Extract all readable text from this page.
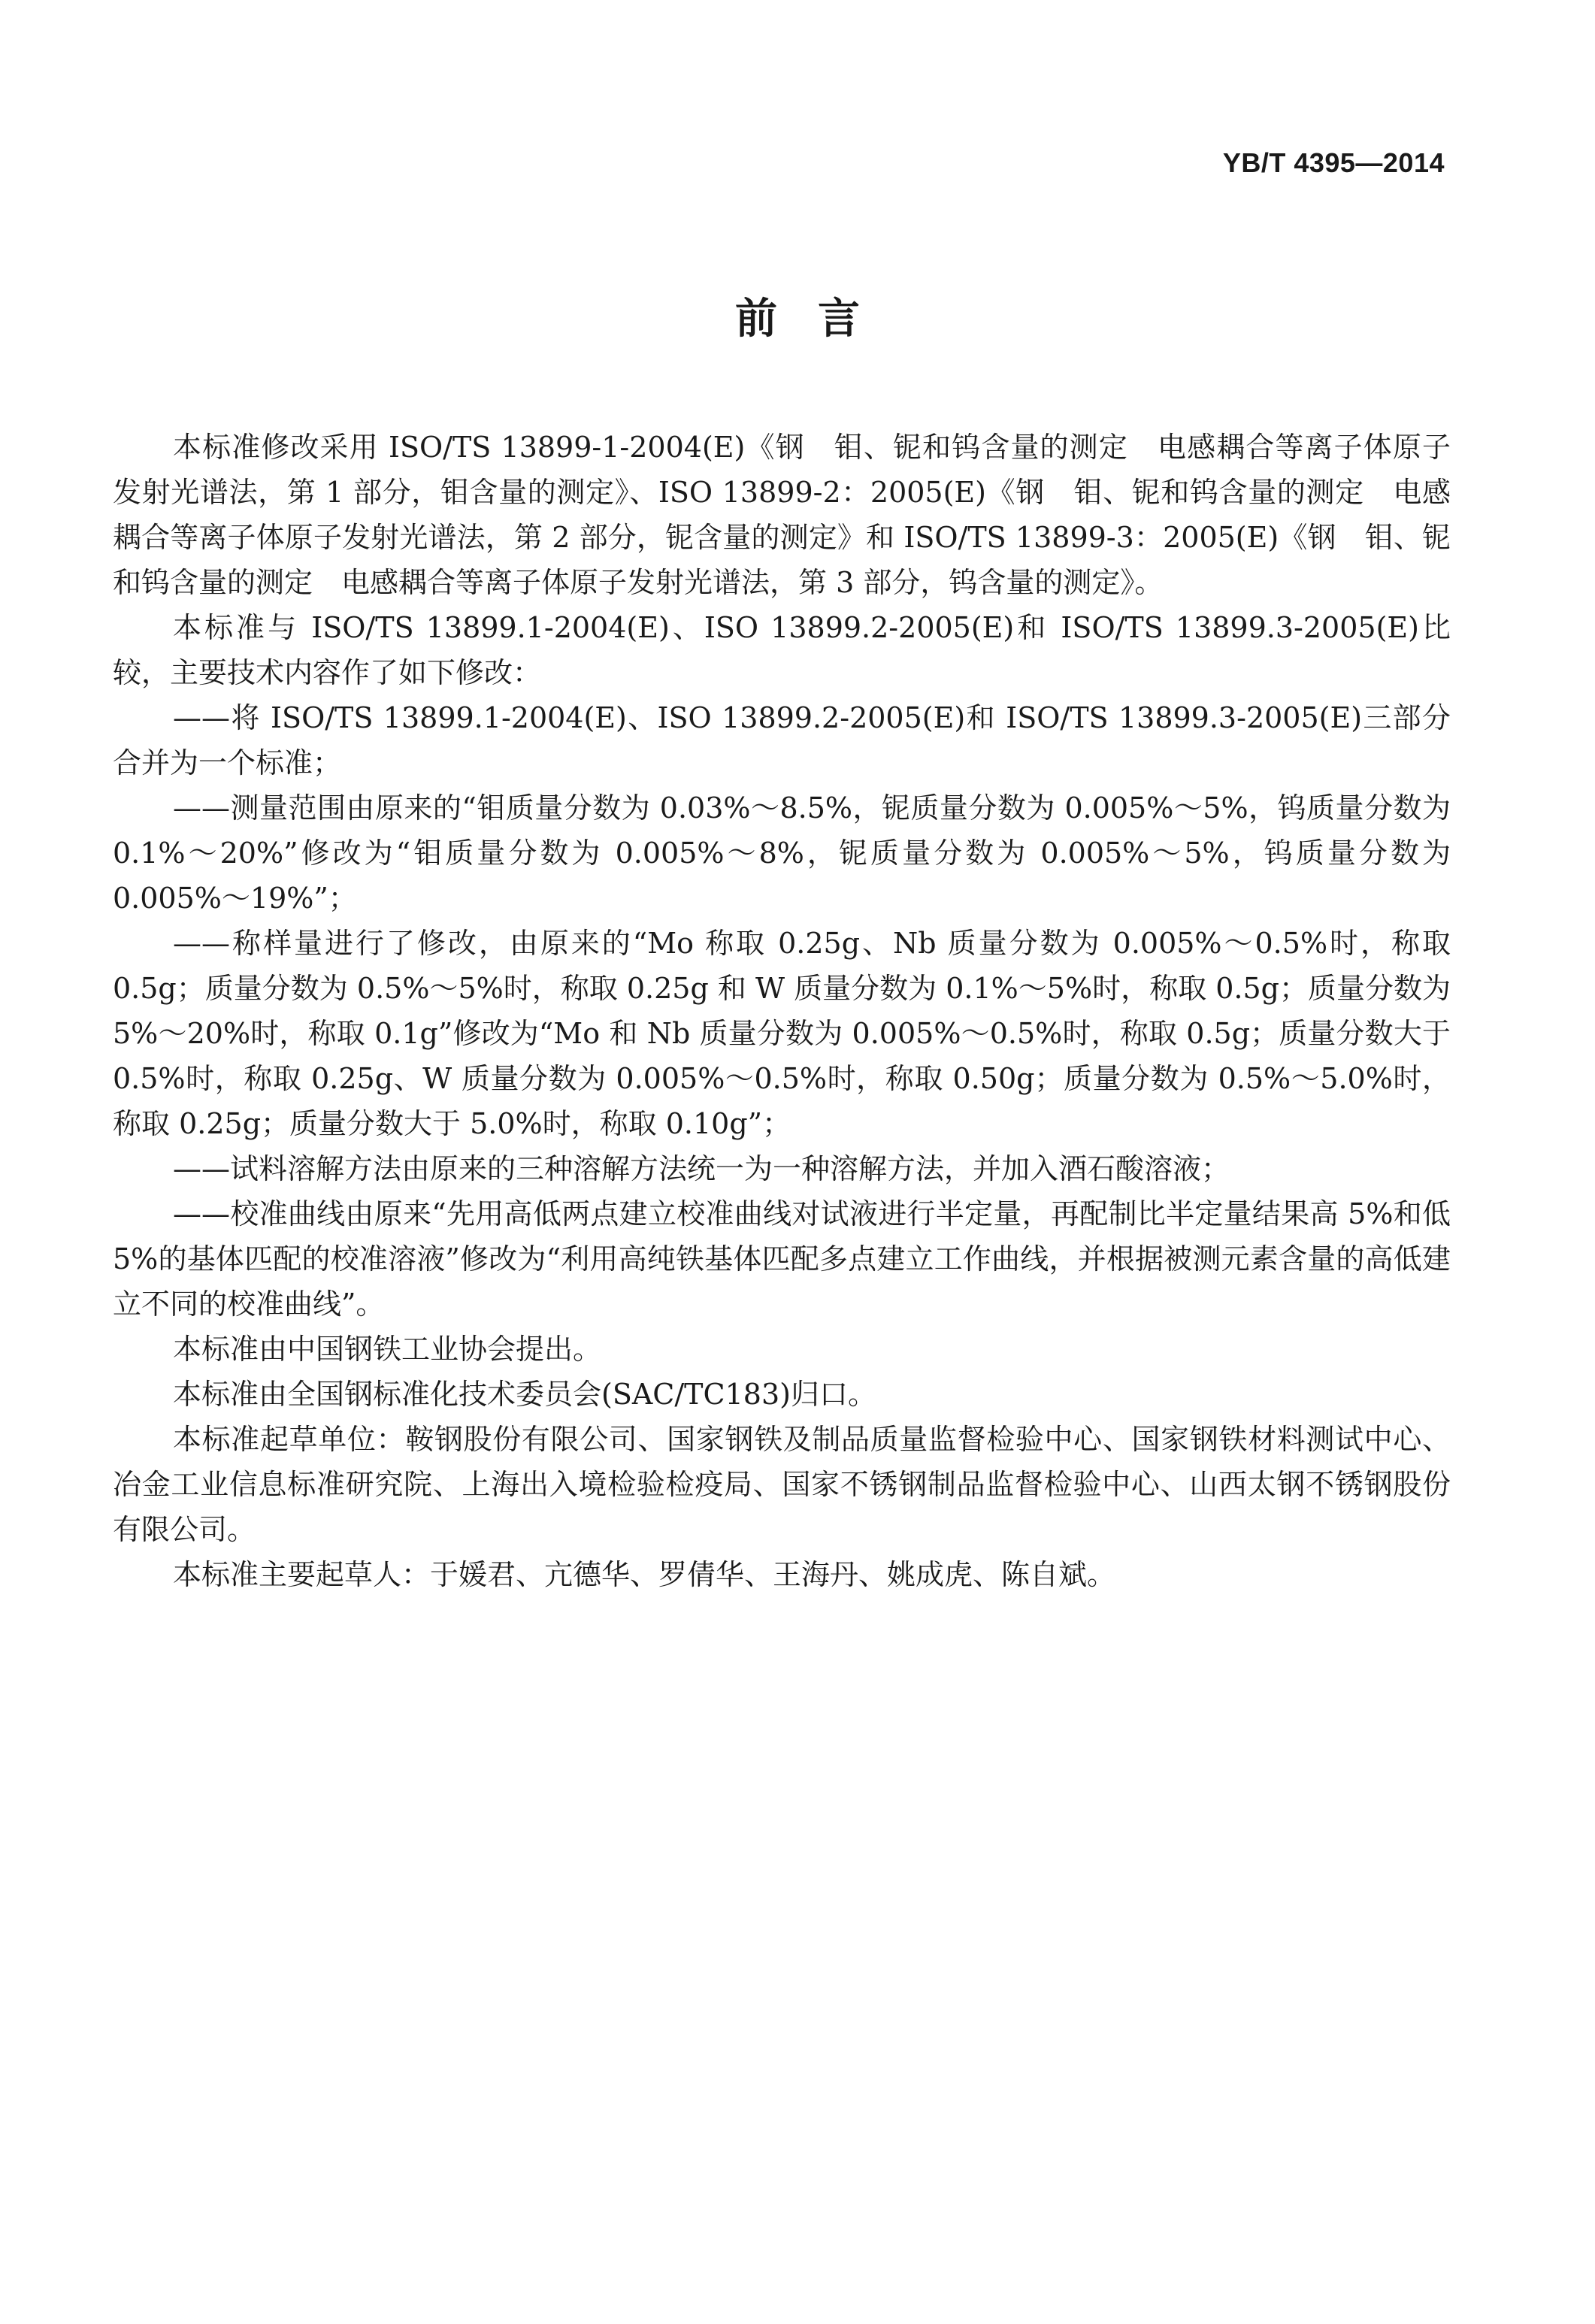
YB/T 4395—2014
前言

本标准修改采用 ISO/TS 13899-1-2004(E)《钢　钼、铌和钨含量的测定　电感耦合等离子体原子发射光谱法，第 1 部分，钼含量的测定》、ISO 13899-2：2005(E)《钢　钼、铌和钨含量的测定　电感耦合等离子体原子发射光谱法，第 2 部分，铌含量的测定》和 ISO/TS 13899-3：2005(E)《钢　钼、铌和钨含量的测定　电感耦合等离子体原子发射光谱法，第 3 部分，钨含量的测定》。

本标准与 ISO/TS 13899.1-2004(E)、ISO 13899.2-2005(E)和 ISO/TS 13899.3-2005(E)比较，主要技术内容作了如下修改：

——将 ISO/TS 13899.1-2004(E)、ISO 13899.2-2005(E)和 ISO/TS 13899.3-2005(E)三部分合并为一个标准；

——测量范围由原来的“钼质量分数为 0.03%～8.5%，铌质量分数为 0.005%～5%，钨质量分数为 0.1%～20%”修改为“钼质量分数为 0.005%～8%，铌质量分数为 0.005%～5%，钨质量分数为 0.005%～19%”；

——称样量进行了修改，由原来的“Mo 称取 0.25g、Nb 质量分数为 0.005%～0.5%时，称取 0.5g；质量分数为 0.5%～5%时，称取 0.25g 和 W 质量分数为 0.1%～5%时，称取 0.5g；质量分数为 5%～20%时，称取 0.1g”修改为“Mo 和 Nb 质量分数为 0.005%～0.5%时，称取 0.5g；质量分数大于 0.5%时，称取 0.25g、W 质量分数为 0.005%～0.5%时，称取 0.50g；质量分数为 0.5%～5.0%时，称取 0.25g；质量分数大于 5.0%时，称取 0.10g”；

——试料溶解方法由原来的三种溶解方法统一为一种溶解方法，并加入酒石酸溶液；

——校准曲线由原来“先用高低两点建立校准曲线对试液进行半定量，再配制比半定量结果高 5%和低 5%的基体匹配的校准溶液”修改为“利用高纯铁基体匹配多点建立工作曲线，并根据被测元素含量的高低建立不同的校准曲线”。

本标准由中国钢铁工业协会提出。

本标准由全国钢标准化技术委员会(SAC/TC183)归口。

本标准起草单位：鞍钢股份有限公司、国家钢铁及制品质量监督检验中心、国家钢铁材料测试中心、冶金工业信息标准研究院、上海出入境检验检疫局、国家不锈钢制品监督检验中心、山西太钢不锈钢股份有限公司。

本标准主要起草人：于媛君、亢德华、罗倩华、王海丹、姚成虎、陈自斌。
